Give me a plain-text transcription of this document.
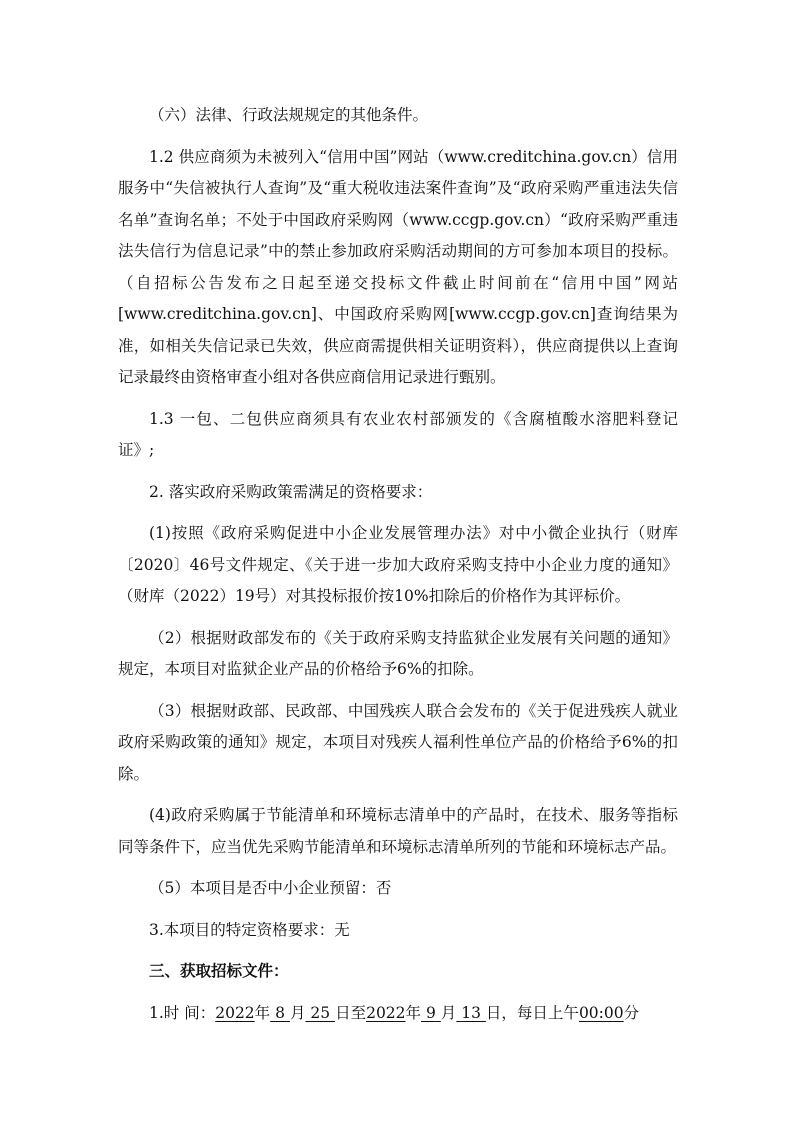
（六）法律、行政法规规定的其他条件。

1.2 供应商须为未被列入“信用中国”网站（www.creditchina.gov.cn）信用服务中“失信被执行人查询”及“重大税收违法案件查询”及“政府采购严重违法失信名单”查询名单；不处于中国政府采购网（www.ccgp.gov.cn）“政府采购严重违法失信行为信息记录”中的禁止参加政府采购活动期间的方可参加本项目的投标。（自招标公告发布之日起至递交投标文件截止时间前在“信用中国”网站[www.creditchina.gov.cn]、中国政府采购网[www.ccgp.gov.cn]查询结果为准，如相关失信记录已失效，供应商需提供相关证明资料），供应商提供以上查询记录最终由资格审查小组对各供应商信用记录进行甄别。

1.3 一包、二包供应商须具有农业农村部颁发的《含腐植酸水溶肥料登记证》;

2. 落实政府采购政策需满足的资格要求：

(1)按照《政府采购促进中小企业发展管理办法》对中小微企业执行（财库〔2020〕46号文件规定、《关于进一步加大政府采购支持中小企业力度的通知》（财库（2022）19号）对其投标报价按10%扣除后的价格作为其评标价。

（2）根据财政部发布的《关于政府采购支持监狱企业发展有关问题的通知》规定，本项目对监狱企业产品的价格给予6%的扣除。

（3）根据财政部、民政部、中国残疾人联合会发布的《关于促进残疾人就业政府采购政策的通知》规定，本项目对残疾人福利性单位产品的价格给予6%的扣除。

(4)政府采购属于节能清单和环境标志清单中的产品时，在技术、服务等指标同等条件下，应当优先采购节能清单和环境标志清单所列的节能和环境标志产品。

（5）本项目是否中小企业预留：否

3.本项目的特定资格要求：无

三、获取招标文件：

1.时 间：2022年 8 月 25 日至2022年 9 月 13 日，每日上午00:00分
